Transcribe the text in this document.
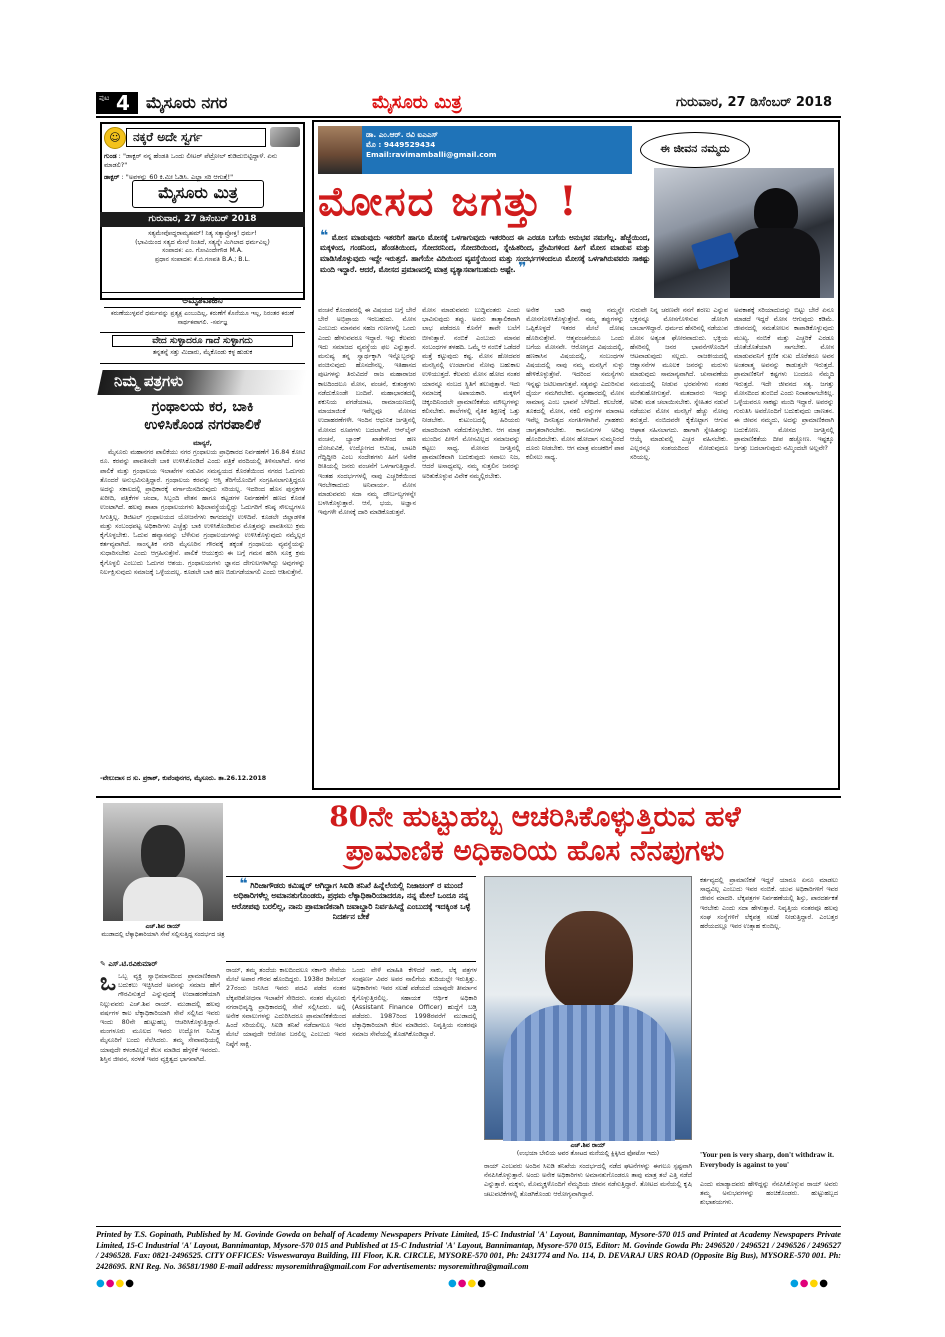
ಪುಟ 4 ಮೈಸೂರು ನಗರ	ಮೈಸೂರು ಮಿತ್ರ	ಗುರುವಾರ, 27 ಡಿಸೆಂಬರ್ 2018
☺	ನಕ್ಕರೆ ಅದೇ ಸ್ವರ್ಗ
ಗುಂಡ : "ಡಾಕ್ಟರ್ ನನ್ನ ಹೆಂಡತಿ ಒಂದು ಲೀಟರ್ ಪೆಟ್ರೋಲ್ ಕುಡಿದುಬಿಟ್ಟಿದ್ದಾಳೆ. ಏನು ಮಾಡಲಿ?"
ಡಾಕ್ಟರ್ : "ಅವಳನ್ನು 60 ಕಿ.ಮೀ ಓಡಿಸಿ. ಎಲ್ಲಾ ಸರಿ ಆಗುತ್ತೆ!"
ಮೈಸೂರು ಮಿತ್ರ
ಗುರುವಾರ, 27 ಡಿಸೆಂಬರ್ 2018
ಸತ್ಯಮೇವೋದ್ಧರಾಮ್ಯಹಮ್! ನಿತ್ಯ ಸತ್ಯಾಪ್ರೋಕ್ತ! ಧರ್ಮ!
(ಭಾವಿಯಿಂದ ಸತ್ಯದ ಮೇಲೆ ನಿಂತಿದೆ, ಸತ್ಯನ್ನೇ ಮಿಗಿಲಾದ ಧರ್ಮವಿಲ್ಲ)
ಸಂಪಾದಕ: ಎಂ. ಗೋವಿಂದೇಗೌಡ M.A.
ಪ್ರಧಾನ ಸಂಪಾದಕ: ಕೆ.ಬಿ.ಗಣಪತಿ B.A.; B.L.
ಅಮೃತವಾಹಿನಿ
ಕರುಣೆಯುಳ್ಳವನೆ ಧರ್ಮವನ್ನು ಪ್ರತ್ಯಕ್ಷ ಎಂಬುದಿಲ್ಲ, ಕರುಣೆಗೆ ಕೊನೆಯೂ ಇಲ್ಲ, ನಿರಂತರ ಕರುಣೆ ಸಾರ್ಥಕವಾಗಲಿ. -ಸರ್ವಜ್ಞ
ವೇದ ಸುಳ್ಳಾದರೂ ಗಾದೆ ಸುಳ್ಳಾಗದು
ತನ್ನತನ್ನೆ ಸತ್ತು ಮಿದಾರು, ಮೈಕೊಂಡು ಕಳ್ಳ ಹುಡುಕ
ನಿಮ್ಮ ಪತ್ರಗಳು
ಗ್ರಂಥಾಲಯ ಕರ, ಬಾಕಿ
ಉಳಿಸಿಕೊಂಡ ನಗರಪಾಲಿಕೆ
ಮಾನ್ಯರೆ,
ಮೈಸೂರು ಮಹಾನಗರ ಪಾಲಿಕೆಯು ನಗರ ಗ್ರಂಥಾಲಯ ಪ್ರಾಧಿಕಾರದ ನಿರ್ವಹಣೆಗೆ 16.84 ಕೋಟಿ ರೂ. ಕರವನ್ನು ಪಾವತಿಸದೇ ಬಾಕಿ ಉಳಿಸಿಕೊಂಡಿದೆ ಎಂದು ಪತ್ರಿಕೆ ವರದಿಯಲ್ಲಿ ತಿಳಿಸಲಾಗಿದೆ. ನಗರ ಪಾಲಿಕೆ ಮತ್ತು ಗ್ರಂಥಾಲಯ ಇಲಾಖೆಗಳ ನಡುವಿನ ಸಮನ್ವಯದ ಕೊರತೆಯಿಂದ ನಗರದ ಓದುಗರು ತೊಂದರೆ ಅನುಭವಿಸುತ್ತಿದ್ದಾರೆ. ಗ್ರಂಥಾಲಯ ಕರವನ್ನು ಆಸ್ತಿ ತೆರಿಗೆಯೊಂದಿಗೆ ಸಂಗ್ರಹಿಸಲಾಗುತ್ತಿದ್ದರೂ ಅದನ್ನು ಸಕಾಲದಲ್ಲಿ ಪ್ರಾಧಿಕಾರಕ್ಕೆ ವರ್ಗಾಯಿಸದಿರುವುದು ಸರಿಯಲ್ಲ. ಇದರಿಂದ ಹೊಸ ಪುಸ್ತಕಗಳ ಖರೀದಿ, ಪತ್ರಿಕೆಗಳ ಚಂದಾ, ಸಿಬ್ಬಂದಿ ವೇತನ ಹಾಗೂ ಕಟ್ಟಡಗಳ ನಿರ್ವಹಣೆಗೆ ಹಣದ ಕೊರತೆ ಉಂಟಾಗಿದೆ. ಹಲವು ಶಾಖಾ ಗ್ರಂಥಾಲಯಗಳು ಶಿಥಿಲಾವಸ್ಥೆಯಲ್ಲಿದ್ದು ಓದುಗರಿಗೆ ಕನಿಷ್ಠ ಸೌಲಭ್ಯಗಳೂ ಸಿಗುತ್ತಿಲ್ಲ. ಡಿಜಿಟಲ್ ಗ್ರಂಥಾಲಯದ ಯೋಜನೆಗಳು ಕಾಗದದಲ್ಲೇ ಉಳಿದಿವೆ. ಕೂಡಲೇ ಜಿಲ್ಲಾಡಳಿತ ಮತ್ತು ಸಂಬಂಧಪಟ್ಟ ಅಧಿಕಾರಿಗಳು ಎಚ್ಚೆತ್ತು ಬಾಕಿ ಉಳಿಸಿಕೊಂಡಿರುವ ಮೊತ್ತವನ್ನು ಪಾವತಿಸಲು ಕ್ರಮ ಕೈಗೊಳ್ಳಬೇಕು. ಓದುವ ಹವ್ಯಾಸವನ್ನು ಬೆಳೆಸುವ ಗ್ರಂಥಾಲಯಗಳನ್ನು ಉಳಿಸಿಕೊಳ್ಳುವುದು ನಮ್ಮೆಲ್ಲರ ಕರ್ತವ್ಯವಾಗಿದೆ. ಸಾಂಸ್ಕೃತಿಕ ನಗರಿ ಮೈಸೂರಿನ ಗೌರವಕ್ಕೆ ತಕ್ಕಂತೆ ಗ್ರಂಥಾಲಯ ವ್ಯವಸ್ಥೆಯನ್ನು ಸುಧಾರಿಸಬೇಕು ಎಂದು ಆಗ್ರಹಿಸುತ್ತೇನೆ. ಪಾಲಿಕೆ ಆಯುಕ್ತರು ಈ ಬಗ್ಗೆ ಗಮನ ಹರಿಸಿ ಸೂಕ್ತ ಕ್ರಮ ಕೈಗೊಳ್ಳಲಿ ಎಂಬುದು ಓದುಗರ ಆಶಯ. ಗ್ರಂಥಾಲಯಗಳು ಜ್ಞಾನದ ದೇಗುಲಗಳಾಗಿದ್ದು ಅವುಗಳನ್ನು ನಿರ್ಲಕ್ಷಿಸುವುದು ಸಮಾಜಕ್ಕೆ ಒಳ್ಳೆಯದಲ್ಲ. ಕೂಡಲೇ ಬಾಕಿ ಹಣ ಬಿಡುಗಡೆಯಾಗಲಿ ಎಂದು ಆಶಿಸುತ್ತೇನೆ.
-ವೇಲುದಾಸ ದ ಸು. ಪ್ರಕಾಶ್, ಕುವೆಂಪುನಗರ, ಮೈಸೂರು. ತಾ.26.12.2018
ಡಾ. ಎಂ.ಆರ್. ರವಿ ಐಎಎಸ್
ಮೊ : 9449529434
Email:ravimamballi@gmail.com	ಈ ಜೀವನ ನಮ್ಮದು
ಮೋಸದ ಜಗತ್ತು !
❝ ಮೋಸ ಮಾಡುವುದು ಇತರರಿಗೆ ಹಾಗೂ ಮೋಸಕ್ಕೆ ಒಳಗಾಗುವುದು ಇತರರಿಂದ ಈ ಎರಡೂ ಬಗೆಯ ಅನುಭವ ನಮಗೆಲ್ಲ. ಹೆಜ್ಜೆಯಿಂದ, ಮಕ್ಕಳಿಂದ, ಗಂಡನಿಂದ, ಹೆಂಡತಿಯಿಂದ, ಸೋದರನಿಂದ, ಸೋದರಿಯಿಂದ, ಸ್ನೇಹಿತರಿಂದ, ಪ್ರೇಮಿಗಳಿಂದ ಹೀಗೆ ಮೋಸ ಮಾಡುವ ಮತ್ತು ಮಾಡಿಸಿಕೊಳ್ಳುವುದು ಇದ್ದೇ ಇರುತ್ತದೆ. ಹಾಗೆಯೇ ವಿದಿಯಿಂದ ವ್ಯವಸ್ಥೆಯಿಂದ ಮತ್ತು ಸಂದರ್ಭಗಳಿಂದಲೂ ಮೋಸಕ್ಕೆ ಒಳಗಾಗಿರುವವರು ಸಾಕಷ್ಟು ಮಂದಿ ಇದ್ದಾರೆ. ಆದರೆ, ಮೋಸದ ಪ್ರಮಾಣದಲ್ಲಿ ಮಾತ್ರ ವ್ಯತ್ಯಾಸವಾಗಬಹುದು ಅಷ್ಟೇ. ❞
ವಂಚನೆ ಕೊಂಡವರಲ್ಲಿ ಈ ವಿಷಯದ ಬಗ್ಗೆ ಬೇರೆ ಬೇರೆ ಅಭಿಪ್ರಾಯ ಇರಬಹುದು. ಮೋಸ ಎಂಬುದು ಮಾನವನ ಸಹಜ ಗುಣಗಳಲ್ಲಿ ಒಂದು ಎಂದು ಹೇಳುವವರೂ ಇದ್ದಾರೆ. ಇನ್ನು ಕೆಲವರು ಇದು ಸಮಾಜದ ವ್ಯವಸ್ಥೆಯ ಫಲ ಎನ್ನುತ್ತಾರೆ. ಮನುಷ್ಯ ತನ್ನ ಸ್ವಾರ್ಥಕ್ಕಾಗಿ ಇನ್ನೊಬ್ಬರನ್ನು ವಂಚಿಸುವುದು ಹೊಸದೇನಲ್ಲ. ಇತಿಹಾಸದ ಪುಟಗಳನ್ನು ತಿರುವಿದರೆ ರಾಜ ಮಹಾರಾಜರ ಕಾಲದಿಂದಲೂ ಮೋಸ, ವಂಚನೆ, ಕುತಂತ್ರಗಳು ನಡೆದುಕೊಂಡೇ ಬಂದಿವೆ. ಮಹಾಭಾರತದಲ್ಲಿ ಶಕುನಿಯ ಪಗಡೆಯಾಟ, ರಾಮಾಯಣದಲ್ಲಿ ಮಾಯಾಜಿಂಕೆ ಇವೆಲ್ಲವೂ ಮೋಸದ ಉದಾಹರಣೆಗಳೇ. ಇಂದಿನ ಆಧುನಿಕ ಜಗತ್ತಿನಲ್ಲಿ ಮೋಸದ ರೂಪಗಳು ಬದಲಾಗಿವೆ. ಆನ್‌ಲೈನ್ ವಂಚನೆ, ಬ್ಯಾಂಕ್ ಖಾತೆಗಳಿಂದ ಹಣ ದೋಚುವಿಕೆ, ಉದ್ಯೋಗದ ಆಮಿಷ, ಲಾಟರಿ ಗೆದ್ದಿದ್ದೀರಿ ಎಂಬ ಸಂದೇಶಗಳು ಹೀಗೆ ಅನೇಕ ರೀತಿಯಲ್ಲಿ ಜನರು ವಂಚನೆಗೆ ಒಳಗಾಗುತ್ತಿದ್ದಾರೆ. ಇಂತಹ ಸಂದರ್ಭಗಳಲ್ಲಿ ನಾವು ಎಚ್ಚರಿಕೆಯಿಂದ ಇರಬೇಕಾದುದು ಅನಿವಾರ್ಯ. ಮೋಸ ಮಾಡುವವರು ಸದಾ ನಮ್ಮ ದೌರ್ಬಲ್ಯಗಳನ್ನೇ ಬಳಸಿಕೊಳ್ಳುತ್ತಾರೆ. ಆಸೆ, ಭಯ, ಅಜ್ಞಾನ ಇವುಗಳೇ ಮೋಸಕ್ಕೆ ದಾರಿ ಮಾಡಿಕೊಡುತ್ತವೆ.
ಮೋಸ ಮಾಡುವವರು ಬುದ್ಧಿವಂತರು ಎಂದು ಭಾವಿಸುವುದು ತಪ್ಪು. ಅವರು ತಾತ್ಕಾಲಿಕವಾಗಿ ಲಾಭ ಪಡೆದರೂ ಕೊನೆಗೆ ತಾವೇ ಬಲೆಗೆ ಬೀಳುತ್ತಾರೆ. ನಂಬಿಕೆ ಎಂಬುದು ಮಾನವ ಸಂಬಂಧಗಳ ತಳಹದಿ. ಒಮ್ಮೆ ಆ ನಂಬಿಕೆ ಒಡೆದರೆ ಮತ್ತೆ ಕಟ್ಟುವುದು ಕಷ್ಟ. ಮೋಸ ಹೋದವರ ಮನಸ್ಸಿನಲ್ಲಿ ಉಂಟಾಗುವ ನೋವು ಬಹುಕಾಲ ಉಳಿಯುತ್ತದೆ. ಕೆಲವರು ಮೋಸ ಹೋದ ನಂತರ ಯಾರನ್ನೂ ನಂಬದ ಸ್ಥಿತಿಗೆ ತಲುಪುತ್ತಾರೆ. ಇದು ಸಮಾಜಕ್ಕೆ ಅಪಾಯಕಾರಿ. ಮಕ್ಕಳಿಗೆ ಚಿಕ್ಕಂದಿನಿಂದಲೇ ಪ್ರಾಮಾಣಿಕತೆಯ ಮೌಲ್ಯಗಳನ್ನು ಕಲಿಸಬೇಕು. ಶಾಲೆಗಳಲ್ಲಿ ನೈತಿಕ ಶಿಕ್ಷಣಕ್ಕೆ ಒತ್ತು ನೀಡಬೇಕು. ಕುಟುಂಬದಲ್ಲಿ ಹಿರಿಯರು ಮಾದರಿಯಾಗಿ ನಡೆದುಕೊಳ್ಳಬೇಕು. ಆಗ ಮಾತ್ರ ಮುಂದಿನ ಪೀಳಿಗೆ ಮೋಸವಿಲ್ಲದ ಸಮಾಜವನ್ನು ಕಟ್ಟಲು ಸಾಧ್ಯ. ಮೋಸದ ಜಗತ್ತಿನಲ್ಲಿ ಪ್ರಾಮಾಣಿಕವಾಗಿ ಬದುಕುವುದು ಸವಾಲು ನಿಜ, ಆದರೆ ಅಸಾಧ್ಯವಲ್ಲ. ನಮ್ಮ ಸುತ್ತಲಿನ ಜನರನ್ನು ಅರಿತುಕೊಳ್ಳುವ ವಿವೇಕ ನಮ್ಮಲ್ಲಿರಬೇಕು.
ಅನೇಕ ಬಾರಿ ನಾವು ನಮ್ಮನ್ನೇ ಮೋಸಗೊಳಿಸಿಕೊಳ್ಳುತ್ತೇವೆ. ನಮ್ಮ ತಪ್ಪುಗಳನ್ನು ಒಪ್ಪಿಕೊಳ್ಳದೆ ಇತರರ ಮೇಲೆ ದೋಷ ಹೊರಿಸುತ್ತೇವೆ. ಆತ್ಮವಂಚನೆಯೂ ಒಂದು ಬಗೆಯ ಮೋಸವೇ. ಆರೋಗ್ಯದ ವಿಷಯದಲ್ಲಿ, ಹಣಕಾಸಿನ ವಿಷಯದಲ್ಲಿ, ಸಂಬಂಧಗಳ ವಿಷಯದಲ್ಲಿ ನಾವು ನಮ್ಮ ಮನಸ್ಸಿಗೆ ಸುಳ್ಳು ಹೇಳಿಕೊಳ್ಳುತ್ತೇವೆ. ಇದರಿಂದ ಸಮಸ್ಯೆಗಳು ಇನ್ನಷ್ಟು ಜಟಿಲವಾಗುತ್ತವೆ. ಸತ್ಯವನ್ನು ಎದುರಿಸುವ ಧೈರ್ಯ ನಮಗಿರಬೇಕು. ವ್ಯವಹಾರದಲ್ಲಿ ಮೋಸ ಸಾಮಾನ್ಯ ಎಂಬ ಭಾವನೆ ಬೆಳೆದಿದೆ. ಕಲಬೆರಕೆ, ತೂಕದಲ್ಲಿ ಮೋಸ, ನಕಲಿ ವಸ್ತುಗಳ ಮಾರಾಟ ಇವೆಲ್ಲ ದಿನನಿತ್ಯದ ಸಂಗತಿಗಳಾಗಿವೆ. ಗ್ರಾಹಕರು ಜಾಗೃತರಾಗಿರಬೇಕು. ಕಾನೂನುಗಳ ಅರಿವು ಹೊಂದಿರಬೇಕು. ಮೋಸ ಹೋದಾಗ ಸುಮ್ಮನಿರದೆ ದೂರು ನೀಡಬೇಕು. ಆಗ ಮಾತ್ರ ವಂಚಕರಿಗೆ ಪಾಠ ಕಲಿಸಲು ಸಾಧ್ಯ.
ಗುರುವೇ ನಿನ್ನ ಚರಣವೇ ನನಗೆ ಶರಣು ಎನ್ನುವ ಭಕ್ತನನ್ನೂ ಮೋಸಗೊಳಿಸುವ ಡೋಂಗಿ ಬಾಬಾಗಳಿದ್ದಾರೆ. ಧರ್ಮದ ಹೆಸರಿನಲ್ಲಿ ನಡೆಯುವ ಮೋಸ ಅತ್ಯಂತ ಘೋರವಾದುದು. ಭಕ್ತಿಯ ಹೆಸರಿನಲ್ಲಿ ಜನರ ಭಾವನೆಗಳೊಂದಿಗೆ ಆಟವಾಡುವುದು ಸಲ್ಲದು. ರಾಜಕೀಯದಲ್ಲಿ ಆಶ್ವಾಸನೆಗಳ ಮೂಲಕ ಜನರನ್ನು ಮರುಳು ಮಾಡುವುದು ಸಾಮಾನ್ಯವಾಗಿದೆ. ಚುನಾವಣೆಯ ಸಮಯದಲ್ಲಿ ನೀಡುವ ಭರವಸೆಗಳು ನಂತರ ಮರೆತುಹೋಗುತ್ತವೆ. ಮತದಾರರು ಇದನ್ನು ಅರಿತು ಮತ ಚಲಾಯಿಸಬೇಕು. ಸ್ನೇಹಿತರ ನಡುವೆ ನಡೆಯುವ ಮೋಸ ಮನಸ್ಸಿಗೆ ಹೆಚ್ಚು ನೋವು ತರುತ್ತದೆ. ನಂಬಿದವರೇ ಕೈಕೊಟ್ಟಾಗ ಆಗುವ ಆಘಾತ ಸಹಿಸಲಾಗದು. ಹಾಗಾಗಿ ಸ್ನೇಹಿತರನ್ನು ಆಯ್ಕೆ ಮಾಡುವಲ್ಲಿ ಎಚ್ಚರ ವಹಿಸಬೇಕು. ಎಲ್ಲರನ್ನೂ ಸಂಶಯದಿಂದ ನೋಡುವುದೂ ಸರಿಯಲ್ಲ.
ಅವಕಾಶಕ್ಕೆ ಸರಿಯಾದುದನ್ನು ಬಿಟ್ಟು ಬೇರೆ ಏನೂ ಮಾಡದೆ ಇದ್ದರೆ ಮೋಸ ಆಗುವುದು ಕಡಿಮೆ. ಜೀವನದಲ್ಲಿ ಸಮತೋಲನ ಕಾಪಾಡಿಕೊಳ್ಳುವುದು ಮುಖ್ಯ. ನಂಬಿಕೆ ಮತ್ತು ಎಚ್ಚರಿಕೆ ಎರಡೂ ಜೊತೆಜೊತೆಯಾಗಿ ಸಾಗಬೇಕು. ಮೋಸ ಮಾಡುವವನಿಗೆ ಕ್ಷಣಿಕ ಸುಖ ದೊರೆತರೂ ಅವನ ಅಂತರಾತ್ಮ ಅವನನ್ನು ಕಾಡುತ್ತಲೇ ಇರುತ್ತದೆ. ಪ್ರಾಮಾಣಿಕನಿಗೆ ಕಷ್ಟಗಳು ಬಂದರೂ ನೆಮ್ಮದಿ ಇರುತ್ತದೆ. ಇದೇ ಜೀವನದ ಸತ್ಯ. ಜಗತ್ತು ಮೋಸದಿಂದ ತುಂಬಿದೆ ಎಂದು ನಿರಾಶರಾಗಬೇಕಿಲ್ಲ. ಒಳ್ಳೆಯವರೂ ಸಾಕಷ್ಟು ಮಂದಿ ಇದ್ದಾರೆ. ಅವರನ್ನು ಗುರುತಿಸಿ ಅವರೊಂದಿಗೆ ಬದುಕುವುದು ಜಾಣತನ. ಈ ಜೀವನ ನಮ್ಮದು, ಅದನ್ನು ಪ್ರಾಮಾಣಿಕವಾಗಿ ಬದುಕೋಣ. ಮೋಸದ ಜಗತ್ತಿನಲ್ಲಿ ಪ್ರಾಮಾಣಿಕತೆಯ ದೀಪ ಹಚ್ಚೋಣ. ಇಷ್ಟಕ್ಕೂ ಜಗತ್ತು ಬದಲಾಗುವುದು ನಮ್ಮಿಂದಲೇ ಅಲ್ಲವೇ?
80ನೇ ಹುಟ್ಟುಹಬ್ಬ ಆಚರಿಸಿಕೊಳ್ಳುತ್ತಿರುವ ಹಳೆ
ಪ್ರಾಮಾಣಿಕ ಅಧಿಕಾರಿಯ ಹೊಸ ನೆನಪುಗಳು
ಎಚ್.ಶಿವ ರಾಯ್
ಮುಡಾದಲ್ಲಿ ಲೆಕ್ಕಾಧಿಕಾರಿಯಾಗಿ ಸೇವೆ ಸಲ್ಲಿಸುತ್ತಿದ್ದ ಸಂದರ್ಭದ ಚಿತ್ರ
✎ ಎಸ್.ಟಿ.ರವಿಕುಮಾರ್
❝ ಗಿರಿಜಾಗೌಡರು ಕಮಿಷ್ನರ್ ಆಗಿದ್ದಾಗ ಸಿಐಡಿ ತನಿಖೆ ಹಿನ್ನೆಲೆಯಲ್ಲಿ ನಿಜಾಜಂಗ್ ರ ಮುಂದೆ ಅಧಿಕಾರಿಗಳೆಲ್ಲ ಅಮಾನತುಗೊಂಡರು, ಪ್ರಥಮ ಲೆಕ್ಕಾಧಿಕಾರಿಯಾದರೂ, ನನ್ನ ಮೇಲೆ ಒಂದೂ ನನ್ನ ಆರೋಪವು ಬರಲಿಲ್ಲ, ನಾನು ಪ್ರಾಮಾಣಿಕನಾಗಿ ಜವಾಬ್ದಾರಿ ನಿರ್ವಹಿಸಿದ್ದೆ ಎಂಬುದಕ್ಕೆ ಇದಕ್ಕಿಂತ ಒಳ್ಳೆ ನಿದರ್ಶನ ಬೇಕೆ
ಎಚ್.ಶಿವ ರಾಯ್
(ಉಭಯಾ ಬೇಲಿಯ ಅವರ ತೋಟದ ಮನೆಯಲ್ಲಿ ಕ್ಲಿಕ್ಕಿಸಿದ ಫೋಟೋ ಇದು)
ಒ ಒಬ್ಬ ವ್ಯಕ್ತಿ ಸ್ವಾಭಿಮಾನದಿಂದ ಪ್ರಾಮಾಣಿಕವಾಗಿ ಬದುಕಲು ಇಚ್ಛಿಸಿದರೆ ಅವನನ್ನು ಸಮಾಜ ಹೇಗೆ ಗೌರವಿಸುತ್ತದೆ ಎನ್ನುವುದಕ್ಕೆ ಉದಾಹರಣೆಯಾಗಿ ನಿಲ್ಲುವವರು ಎಚ್.ಶಿವ ರಾಯ್. ಮುಡಾದಲ್ಲಿ ಹಲವು ವರ್ಷಗಳ ಕಾಲ ಲೆಕ್ಕಾಧಿಕಾರಿಯಾಗಿ ಸೇವೆ ಸಲ್ಲಿಸಿದ ಇವರು ಇಂದು 80ನೇ ಹುಟ್ಟುಹಬ್ಬ ಆಚರಿಸಿಕೊಳ್ಳುತ್ತಿದ್ದಾರೆ. ಮಂಗಳೂರು ಮೂಲದ ಇವರು ಉದ್ಯೋಗ ನಿಮಿತ್ತ ಮೈಸೂರಿಗೆ ಬಂದು ನೆಲೆಸಿದರು. ತಮ್ಮ ಸೇವಾವಧಿಯಲ್ಲಿ ಯಾವುದೇ ಕಳಂಕವಿಲ್ಲದೆ ಕೆಲಸ ಮಾಡಿದ ಹೆಗ್ಗಳಿಕೆ ಇವರದು. ಶಿಸ್ತಿನ ಜೀವನ, ಸರಳತೆ ಇವರ ವ್ಯಕ್ತಿತ್ವದ ಭಾಗವಾಗಿದೆ.
ರಾಯ್, ತಮ್ಮ ತಂದೆಯ ಕಾಲದಿಂದಲೂ ಸರ್ಕಾರಿ ಸೇವೆಯ ಮೇಲೆ ಅಪಾರ ಗೌರವ ಹೊಂದಿದ್ದರು. 1938ರ ಡಿಸೆಂಬರ್ 27ರಂದು ಜನಿಸಿದ ಇವರು ಪದವಿ ಪಡೆದ ನಂತರ ಲೆಕ್ಕಪರಿಶೋಧನಾ ಇಲಾಖೆಗೆ ಸೇರಿದರು. ನಂತರ ಮೈಸೂರು ನಗರಾಭಿವೃದ್ಧಿ ಪ್ರಾಧಿಕಾರದಲ್ಲಿ ಸೇವೆ ಸಲ್ಲಿಸಿದರು. ಅಲ್ಲಿ ಅನೇಕ ಸವಾಲುಗಳನ್ನು ಎದುರಿಸಿದರೂ ಪ್ರಾಮಾಣಿಕತೆಯಿಂದ ಹಿಂದೆ ಸರಿಯಲಿಲ್ಲ. ಸಿಐಡಿ ತನಿಖೆ ನಡೆದಾಗಲೂ ಇವರ ಮೇಲೆ ಯಾವುದೇ ಆರೋಪ ಬರಲಿಲ್ಲ ಎಂಬುದು ಇವರ ನಿಷ್ಠೆಗೆ ಸಾಕ್ಷಿ.
ಒಂದು ವೇಳೆ ಮಾಹಿತಿ ಕೇಳಿದರೆ ಸಾಕು, ಲೆಕ್ಕ ಪತ್ರಗಳ ಸಂಪೂರ್ಣ ವಿವರ ಅವರ ನಾಲಿಗೆಯ ತುದಿಯಲ್ಲೇ ಇರುತ್ತಿತ್ತು. ಅಧಿಕಾರಿಗಳು ಇವರ ಸಲಹೆ ಪಡೆಯದೆ ಯಾವುದೇ ತೀರ್ಮಾನ ಕೈಗೊಳ್ಳುತ್ತಿರಲಿಲ್ಲ. ಸಹಾಯಕ ಆರ್ಥಿಕ ಅಧಿಕಾರಿ (Assistant Finance Officer) ಹುದ್ದೆಗೆ ಬಡ್ತಿ ಪಡೆದರು. 1987ರಿಂದ 1998ರವರೆಗೆ ಮುಡಾದಲ್ಲಿ ಲೆಕ್ಕಾಧಿಕಾರಿಯಾಗಿ ಕೆಲಸ ಮಾಡಿದರು. ನಿವೃತ್ತಿಯ ನಂತರವೂ ಸಮಾಜ ಸೇವೆಯಲ್ಲಿ ತೊಡಗಿಕೊಂಡಿದ್ದಾರೆ.
ರಾಯ್ ಎಂಬವರು ಅಂದಿನ ಸಿಐಡಿ ತನಿಖೆಯ ಸಂದರ್ಭದಲ್ಲಿ ನಡೆದ ಘಟನೆಗಳನ್ನು ಈಗಲೂ ಸ್ಪಷ್ಟವಾಗಿ ನೆನಪಿಸಿಕೊಳ್ಳುತ್ತಾರೆ. ಅಂದು ಅನೇಕ ಅಧಿಕಾರಿಗಳು ಅಮಾನತುಗೊಂಡರೂ ತಾವು ಮಾತ್ರ ತಲೆ ಎತ್ತಿ ನಡೆದೆ ಎನ್ನುತ್ತಾರೆ. ಮಕ್ಕಳು, ಮೊಮ್ಮಕ್ಕಳೊಂದಿಗೆ ನೆಮ್ಮದಿಯ ಜೀವನ ನಡೆಸುತ್ತಿದ್ದಾರೆ. ತೋಟದ ಮನೆಯಲ್ಲಿ ಕೃಷಿ ಚಟುವಟಿಕೆಗಳಲ್ಲಿ ತೊಡಗಿಕೊಂಡು ಆರೋಗ್ಯವಾಗಿದ್ದಾರೆ.
ಕರ್ತವ್ಯದಲ್ಲಿ ಪ್ರಾಮಾಣಿಕತೆ ಇದ್ದರೆ ಯಾರೂ ಏನೂ ಮಾಡಲು ಸಾಧ್ಯವಿಲ್ಲ ಎಂಬುದು ಇವರ ನಂಬಿಕೆ. ಯುವ ಅಧಿಕಾರಿಗಳಿಗೆ ಇವರ ಜೀವನ ಮಾದರಿ. ಲೆಕ್ಕಪತ್ರಗಳ ನಿರ್ವಹಣೆಯಲ್ಲಿ ಶಿಸ್ತು, ಪಾರದರ್ಶಕತೆ ಇರಬೇಕು ಎಂದು ಸದಾ ಹೇಳುತ್ತಾರೆ. ನಿವೃತ್ತಿಯ ನಂತರವೂ ಹಲವು ಸಂಘ ಸಂಸ್ಥೆಗಳಿಗೆ ಲೆಕ್ಕಪತ್ರ ಸಲಹೆ ನೀಡುತ್ತಿದ್ದಾರೆ. ಎಂಬತ್ತರ ಹರೆಯದಲ್ಲೂ ಇವರ ಉತ್ಸಾಹ ಕುಂದಿಲ್ಲ.
'Your pen is very sharp, don't withdraw it. Everybody is against to you'
ಎಂದು ಮಾಡ್ಯಾದವರು ಹೇಳಿದ್ದನ್ನು ನೆನಪಿಸಿಕೊಳ್ಳುವ ರಾಯ್ ಅವರು ತಮ್ಮ ಅನುಭವಗಳನ್ನು ಹಂಚಿಕೊಂಡರು. ಹುಟ್ಟುಹಬ್ಬದ ಶುಭಾಶಯಗಳು.
Printed by T.S. Gopinath, Published by M. Govinde Gowda on behalf of Academy Newspapers Private Limited, 15-C Industrial 'A' Layout, Bannimantap, Mysore-570 015 and Printed at Academy Newspapers Private Limited, 15-C Industrial 'A' Layout, Bannimantap, Mysore-570 015 and Published at 15-C Industrial 'A' Layout, Bannimantap, Mysore-570 015, Editor: M. Govinde Gowda Ph: 2496520 / 2496521 / 2496526 / 2496527 / 2496528. Fax: 0821-2496525. CITY OFFICES: Visweswaraya Building, III Floor, K.R. CIRCLE, MYSORE-570 001, Ph: 2431774 and No. 114, D. DEVARAJ URS ROAD (Opposite Big Bus), MYSORE-570 001. Ph: 2428695. RNI Reg. No. 36581/1980 E-mail address: mysoremithra@gmail.com For advertisements: mysoremithra@gmail.com
●●●●	●●●●	●●●●
